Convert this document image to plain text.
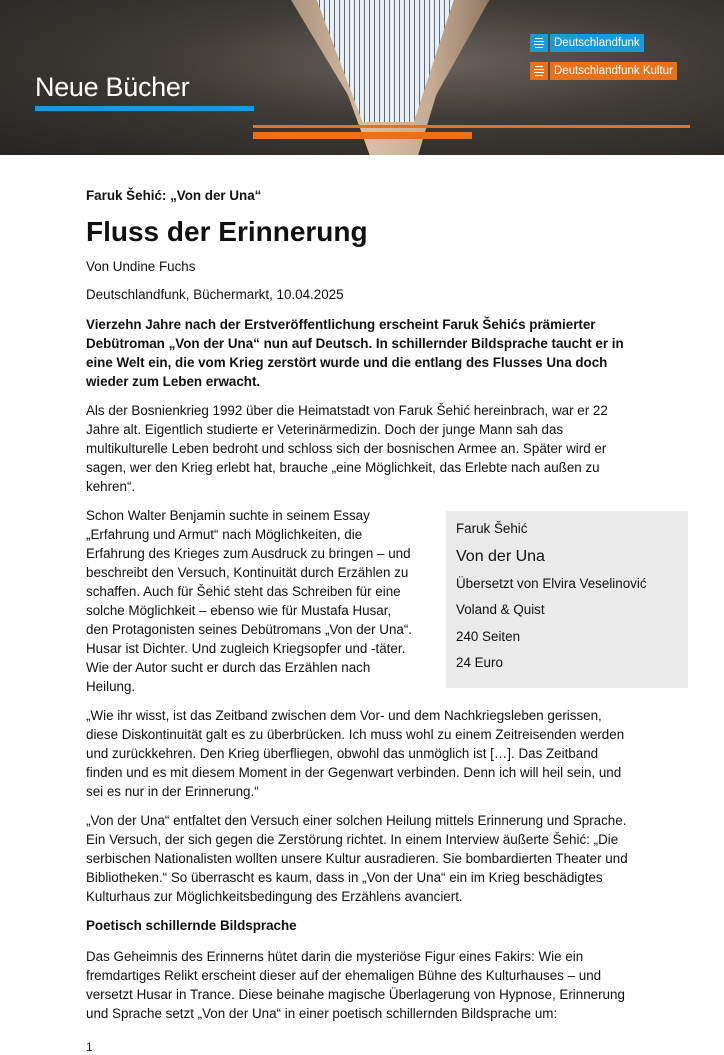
Neue Bücher
Deutschlandfunk
Deutschlandfunk Kultur
Faruk Šehić: „Von der Una“
Fluss der Erinnerung
Von Undine Fuchs
Deutschlandfunk, Büchermarkt, 10.04.2025

Vierzehn Jahre nach der Erstveröffentlichung erscheint Faruk Šehićs prämierter Debütroman „Von der Una“ nun auf Deutsch. In schillernder Bildsprache taucht er in eine Welt ein, die vom Krieg zerstört wurde und die entlang des Flusses Una doch wieder zum Leben erwacht.

Als der Bosnienkrieg 1992 über die Heimatstadt von Faruk Šehić hereinbrach, war er 22 Jahre alt. Eigentlich studierte er Veterinärmedizin. Doch der junge Mann sah das multikulturelle Leben bedroht und schloss sich der bosnischen Armee an. Später wird er sagen, wer den Krieg erlebt hat, brauche „eine Möglichkeit, das Erlebte nach außen zu kehren“.

Faruk Šehić
Von der Una
Übersetzt von Elvira Veselinović
Voland & Quist
240 Seiten
24 Euro

Schon Walter Benjamin suchte in seinem Essay „Erfahrung und Armut“ nach Möglichkeiten, die Erfahrung des Krieges zum Ausdruck zu bringen – und beschreibt den Versuch, Kontinuität durch Erzählen zu schaffen. Auch für Šehić steht das Schreiben für eine solche Möglichkeit – ebenso wie für Mustafa Husar, den Protagonisten seines Debütromans „Von der Una“. Husar ist Dichter. Und zugleich Kriegsopfer und -täter. Wie der Autor sucht er durch das Erzählen nach Heilung.

„Wie ihr wisst, ist das Zeitband zwischen dem Vor- und dem Nachkriegsleben gerissen, diese Diskontinuität galt es zu überbrücken. Ich muss wohl zu einem Zeitreisenden werden und zurückkehren. Den Krieg überfliegen, obwohl das unmöglich ist […]. Das Zeitband finden und es mit diesem Moment in der Gegenwart verbinden. Denn ich will heil sein, und sei es nur in der Erinnerung.“

„Von der Una“ entfaltet den Versuch einer solchen Heilung mittels Erinnerung und Sprache. Ein Versuch, der sich gegen die Zerstörung richtet. In einem Interview äußerte Šehić: „Die serbischen Nationalisten wollten unsere Kultur ausradieren. Sie bombardierten Theater und Bibliotheken.“ So überrascht es kaum, dass in „Von der Una“ ein im Krieg beschädigtes Kulturhaus zur Möglichkeitsbedingung des Erzählens avanciert.

Poetisch schillernde Bildsprache

Das Geheimnis des Erinnerns hütet darin die mysteriöse Figur eines Fakirs: Wie ein fremdartiges Relikt erscheint dieser auf der ehemaligen Bühne des Kulturhauses – und versetzt Husar in Trance. Diese beinahe magische Überlagerung von Hypnose, Erinnerung und Sprache setzt „Von der Una“ in einer poetisch schillernden Bildsprache um:

1
